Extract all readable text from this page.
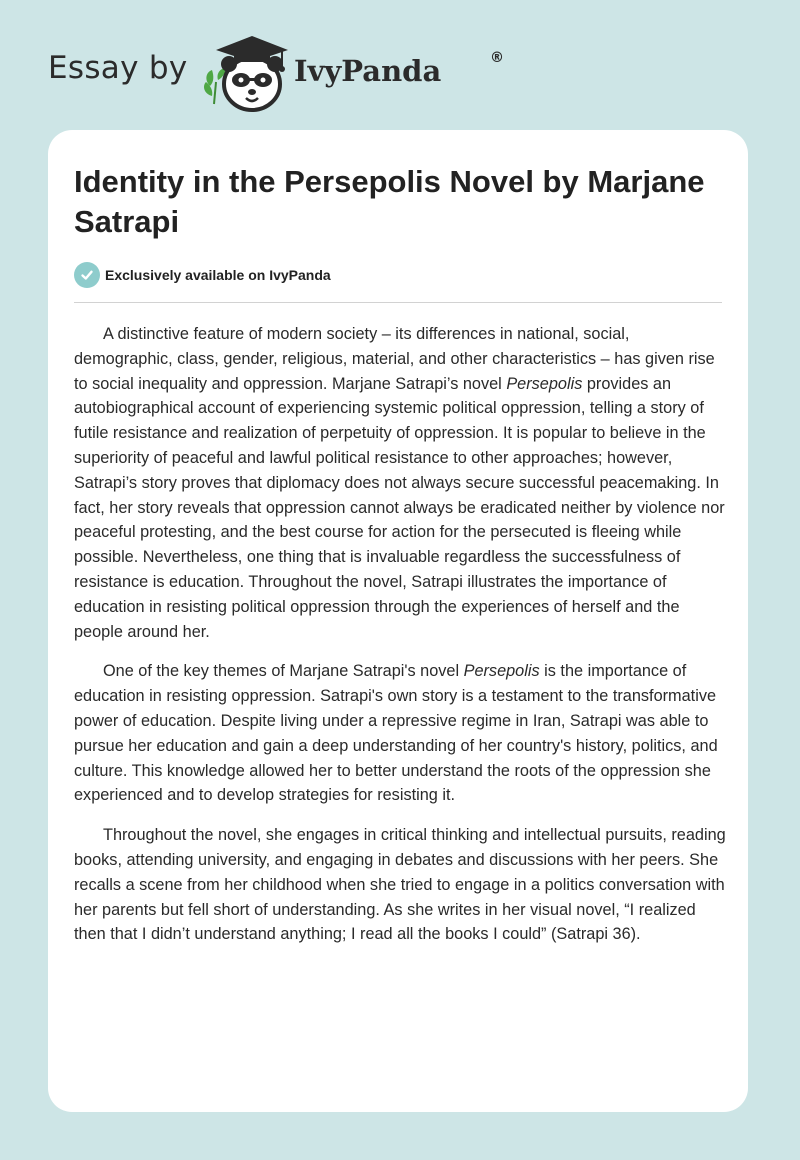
Essay by	IvyPanda	®
Identity in the Persepolis Novel by Marjane Satrapi
Exclusively available on IvyPanda

A distinctive feature of modern society – its differences in national, social, demographic, class, gender, religious, material, and other characteristics – has given rise to social inequality and oppression. Marjane Satrapi’s novel Persepolis provides an autobiographical account of experiencing systemic political oppression, telling a story of futile resistance and realization of perpetuity of oppression. It is popular to believe in the superiority of peaceful and lawful political resistance to other approaches; however, Satrapi’s story proves that diplomacy does not always secure successful peacemaking. In fact, her story reveals that oppression cannot always be eradicated neither by violence nor peaceful protesting, and the best course for action for the persecuted is fleeing while possible. Nevertheless, one thing that is invaluable regardless the successfulness of resistance is education. Throughout the novel, Satrapi illustrates the importance of education in resisting political oppression through the experiences of herself and the people around her.

One of the key themes of Marjane Satrapi's novel Persepolis is the importance of education in resisting oppression. Satrapi's own story is a testament to the transformative power of education. Despite living under a repressive regime in Iran, Satrapi was able to pursue her education and gain a deep understanding of her country's history, politics, and culture. This knowledge allowed her to better understand the roots of the oppression she experienced and to develop strategies for resisting it.

Throughout the novel, she engages in critical thinking and intellectual pursuits, reading books, attending university, and engaging in debates and discussions with her peers. She recalls a scene from her childhood when she tried to engage in a politics conversation with her parents but fell short of understanding. As she writes in her visual novel, “I realized then that I didn’t understand anything; I read all the books I could” (Satrapi 36).
